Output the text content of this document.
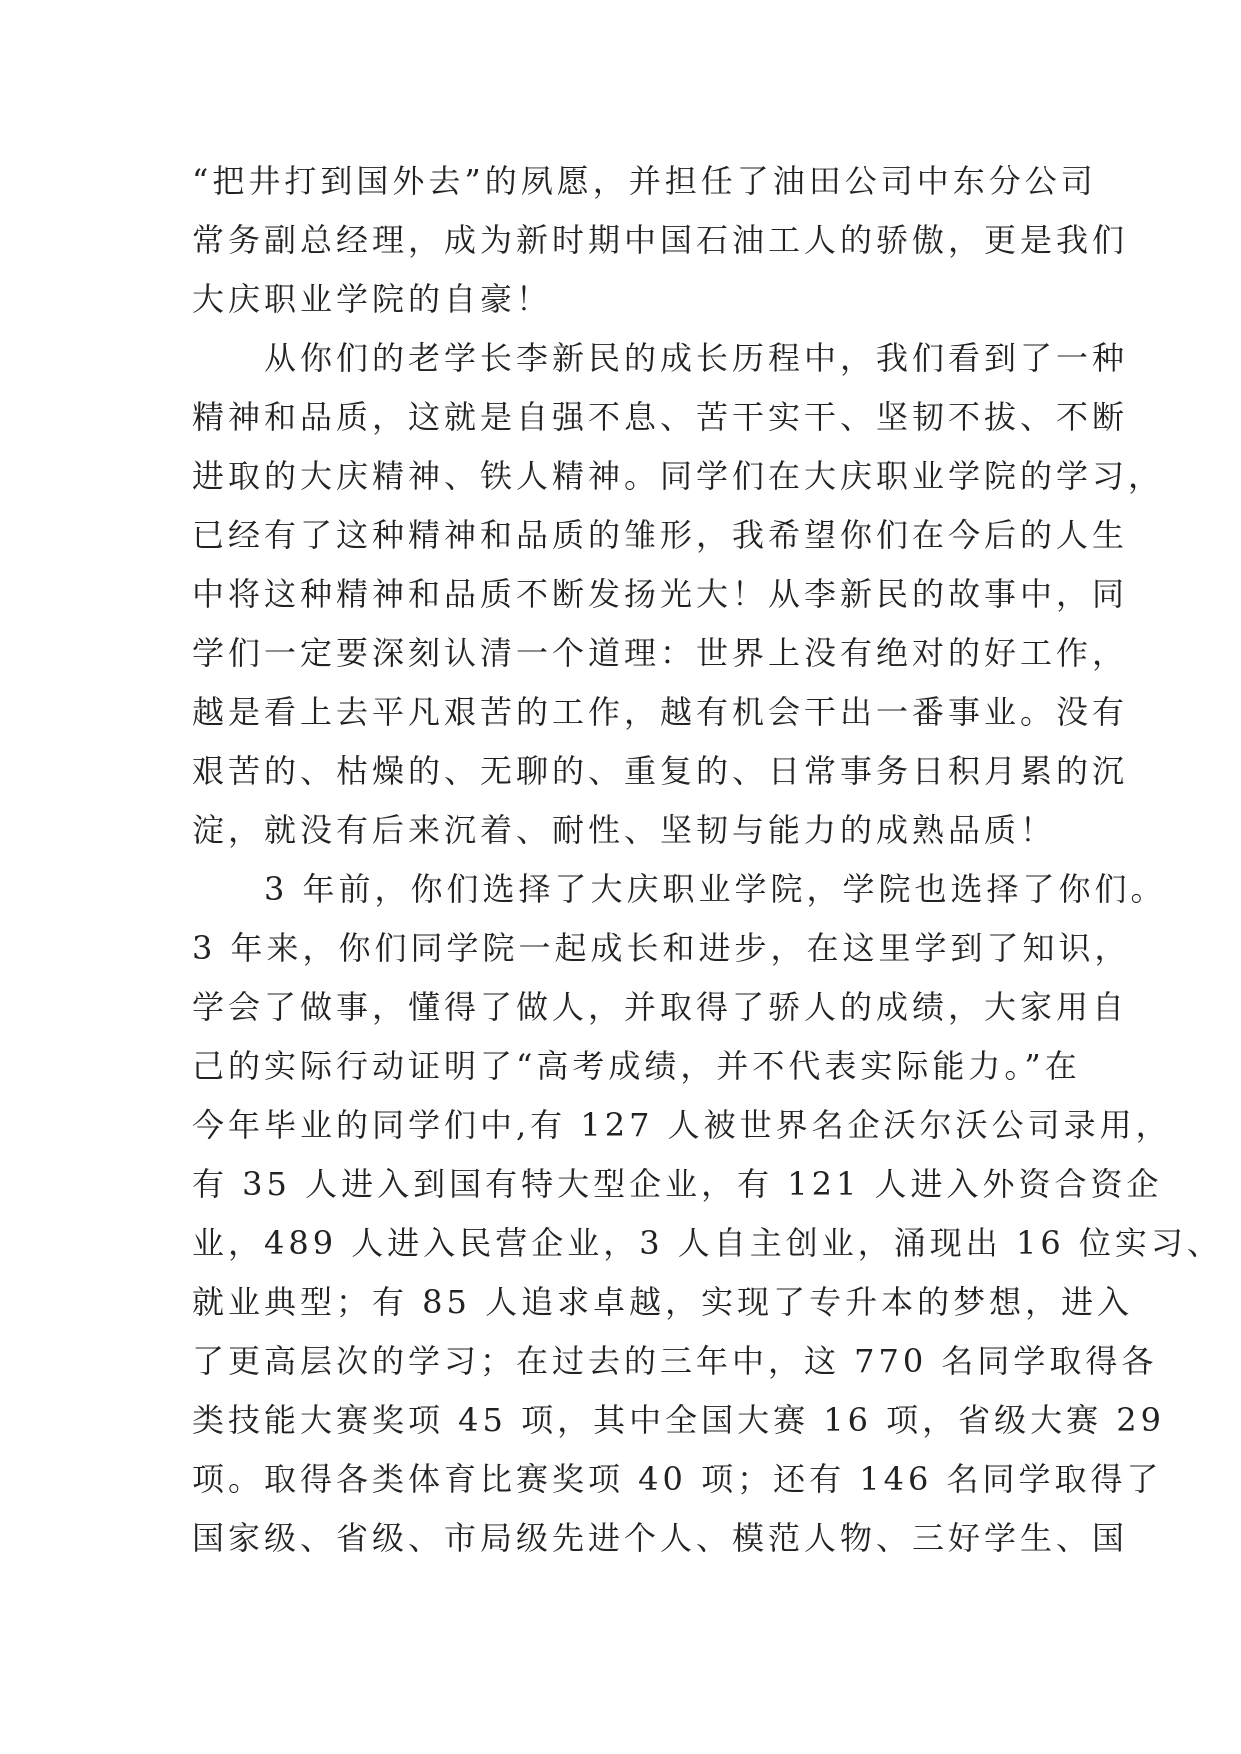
“把井打到国外去”的夙愿，并担任了油田公司中东分公司
常务副总经理，成为新时期中国石油工人的骄傲，更是我们
大庆职业学院的自豪！
　　从你们的老学长李新民的成长历程中，我们看到了一种
精神和品质，这就是自强不息、苦干实干、坚韧不拔、不断
进取的大庆精神、铁人精神。同学们在大庆职业学院的学习，
已经有了这种精神和品质的雏形，我希望你们在今后的人生
中将这种精神和品质不断发扬光大！从李新民的故事中，同
学们一定要深刻认清一个道理：世界上没有绝对的好工作，
越是看上去平凡艰苦的工作，越有机会干出一番事业。没有
艰苦的、枯燥的、无聊的、重复的、日常事务日积月累的沉
淀，就没有后来沉着、耐性、坚韧与能力的成熟品质！
　　3 年前，你们选择了大庆职业学院，学院也选择了你们。
3 年来，你们同学院一起成长和进步，在这里学到了知识，
学会了做事，懂得了做人，并取得了骄人的成绩，大家用自
己的实际行动证明了“高考成绩，并不代表实际能力。”在
今年毕业的同学们中,有 127 人被世界名企沃尔沃公司录用，
有 35 人进入到国有特大型企业，有 121 人进入外资合资企
业，489 人进入民营企业，3 人自主创业，涌现出 16 位实习、
就业典型；有 85 人追求卓越，实现了专升本的梦想，进入
了更高层次的学习；在过去的三年中，这 770 名同学取得各
类技能大赛奖项 45 项，其中全国大赛 16 项，省级大赛 29
项。取得各类体育比赛奖项 40 项；还有 146 名同学取得了
国家级、省级、市局级先进个人、模范人物、三好学生、国
